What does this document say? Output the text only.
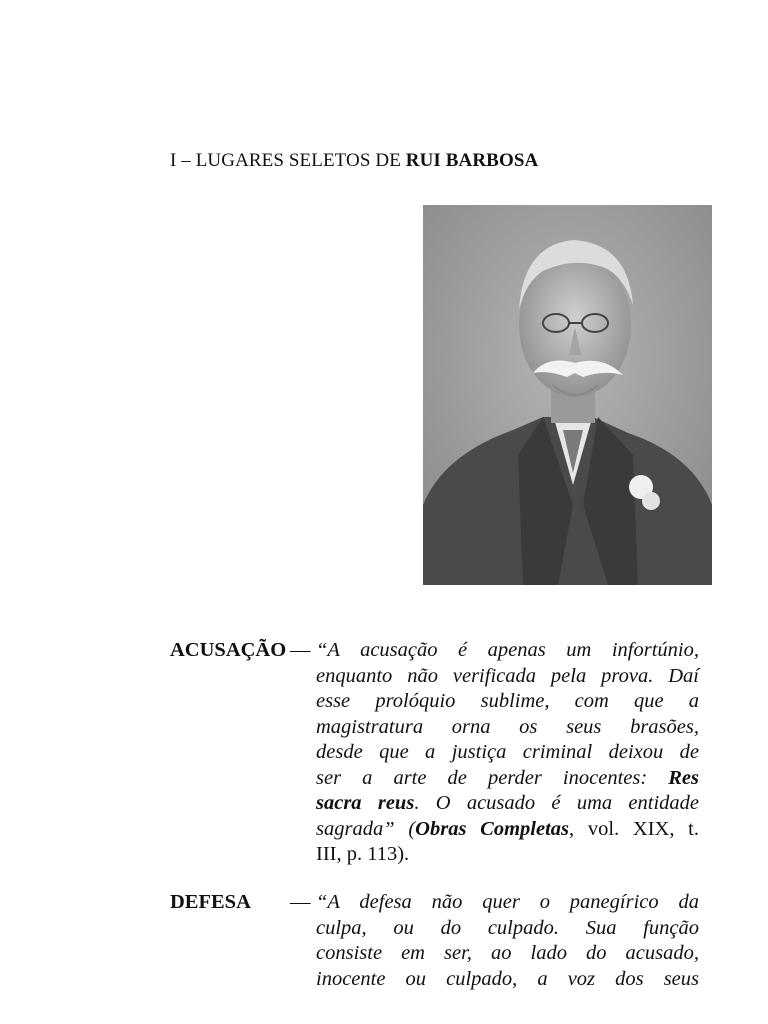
I – LUGARES SELETOS DE RUI BARBOSA
ACUSAÇÃO — “A acusação é apenas um infortúnio,
enquanto não verificada pela prova. Daí
esse prolóquio sublime, com que a
magistratura orna os seus brasões,
desde que a justiça criminal deixou de
ser a arte de perder inocentes: Res
sacra reus. O acusado é uma entidade
sagrada” (Obras Completas, vol. XIX, t.
III, p. 113).
DEFESA — “A defesa não quer o panegírico da
culpa, ou do culpado. Sua função
consiste em ser, ao lado do acusado,
inocente ou culpado, a voz dos seus
